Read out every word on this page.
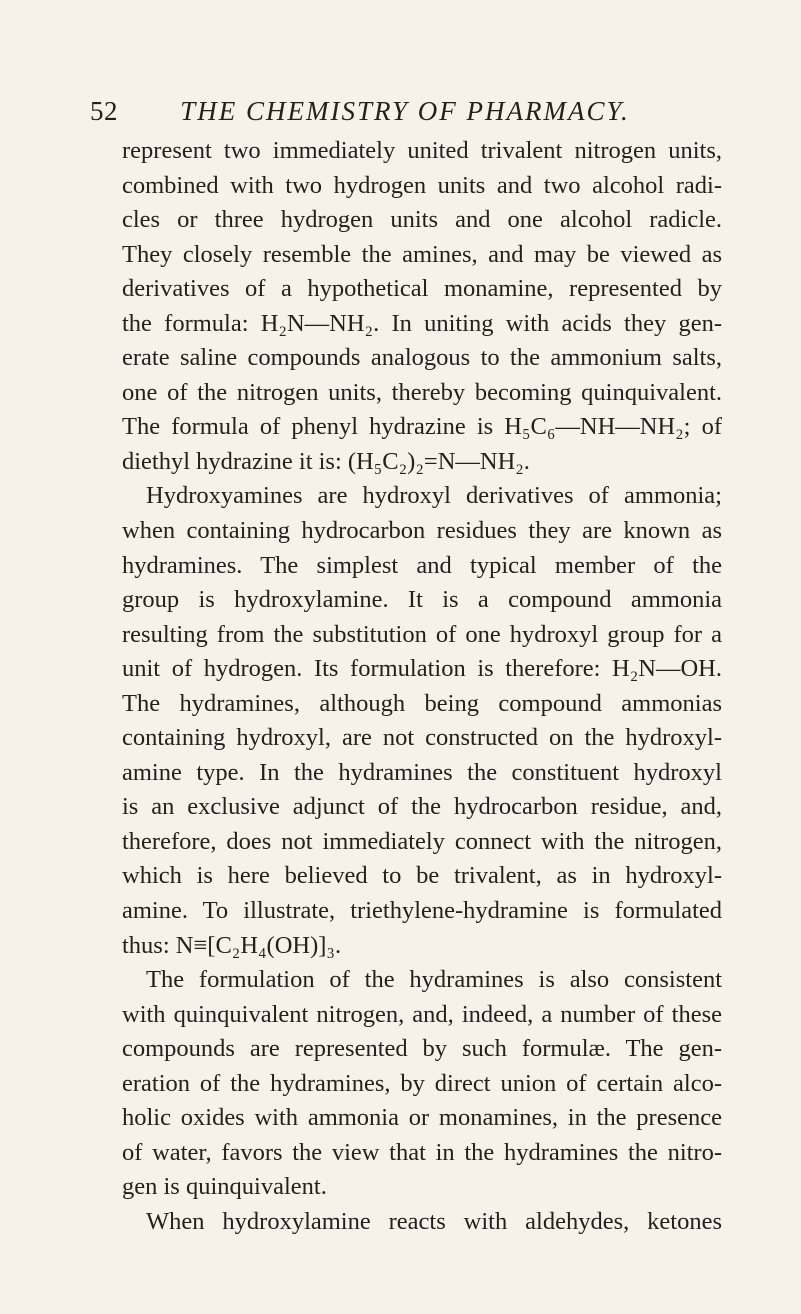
52	THE CHEMISTRY OF PHARMACY.
represent two immediately united trivalent nitrogen units,
combined with two hydrogen units and two alcohol radi-
cles or three hydrogen units and one alcohol radicle.
They closely resemble the amines, and may be viewed as
derivatives of a hypothetical monamine, represented by
the formula: H₂N—NH₂. In uniting with acids they gen-
erate saline compounds analogous to the ammonium salts,
one of the nitrogen units, thereby becoming quinquivalent.
The formula of phenyl hydrazine is H₅C₆—NH—NH₂; of
diethyl hydrazine it is: (H₅C₂)₂=N—NH₂.
Hydroxyamines are hydroxyl derivatives of ammonia;
when containing hydrocarbon residues they are known as
hydramines. The simplest and typical member of the
group is hydroxylamine. It is a compound ammonia
resulting from the substitution of one hydroxyl group for a
unit of hydrogen. Its formulation is therefore: H₂N—OH.
The hydramines, although being compound ammonias
containing hydroxyl, are not constructed on the hydroxyl-
amine type. In the hydramines the constituent hydroxyl
is an exclusive adjunct of the hydrocarbon residue, and,
therefore, does not immediately connect with the nitrogen,
which is here believed to be trivalent, as in hydroxyl-
amine. To illustrate, triethylene-hydramine is formulated
thus: N≡[C₂H₄(OH)]₃.
The formulation of the hydramines is also consistent
with quinquivalent nitrogen, and, indeed, a number of these
compounds are represented by such formulæ. The gen-
eration of the hydramines, by direct union of certain alco-
holic oxides with ammonia or monamines, in the presence
of water, favors the view that in the hydramines the nitro-
gen is quinquivalent.
When hydroxylamine reacts with aldehydes, ketones
